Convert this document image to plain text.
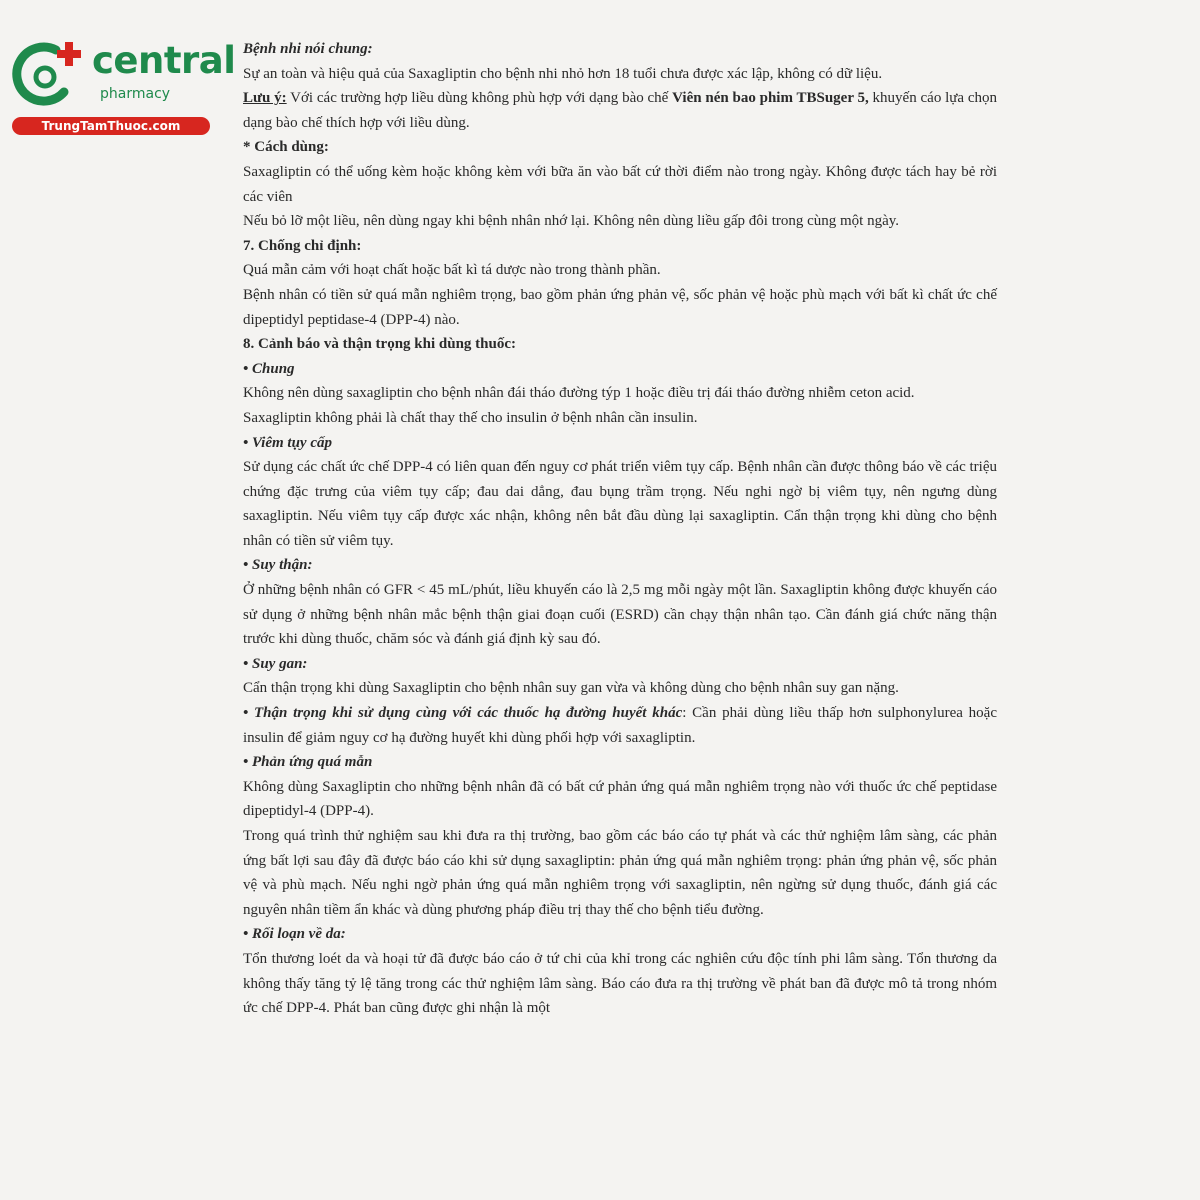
central
pharmacy
TrungTamThuoc.com

Bệnh nhi nói chung:

Sự an toàn và hiệu quả của Saxagliptin cho bệnh nhi nhỏ hơn 18 tuổi chưa được xác lập, không có dữ liệu.

Lưu ý: Với các trường hợp liều dùng không phù hợp với dạng bào chế Viên nén bao phim TBSuger 5, khuyến cáo lựa chọn dạng bào chế thích hợp với liều dùng.

* Cách dùng:

Saxagliptin có thể uống kèm hoặc không kèm với bữa ăn vào bất cứ thời điểm nào trong ngày. Không được tách hay bẻ rời các viên

Nếu bỏ lỡ một liều, nên dùng ngay khi bệnh nhân nhớ lại. Không nên dùng liều gấp đôi trong cùng một ngày.

7. Chống chỉ định:

Quá mẫn cảm với hoạt chất hoặc bất kì tá dược nào trong thành phần.

Bệnh nhân có tiền sử quá mẫn nghiêm trọng, bao gồm phản ứng phản vệ, sốc phản vệ hoặc phù mạch với bất kì chất ức chế dipeptidyl peptidase-4 (DPP-4) nào.

8. Cảnh báo và thận trọng khi dùng thuốc:

• Chung

Không nên dùng saxagliptin cho bệnh nhân đái tháo đường týp 1 hoặc điều trị đái tháo đường nhiễm ceton acid.

Saxagliptin không phải là chất thay thế cho insulin ở bệnh nhân cần insulin.

• Viêm tụy cấp

Sử dụng các chất ức chế DPP-4 có liên quan đến nguy cơ phát triển viêm tụy cấp. Bệnh nhân cần được thông báo về các triệu chứng đặc trưng của viêm tụy cấp; đau dai dẳng, đau bụng trầm trọng. Nếu nghi ngờ bị viêm tụy, nên ngưng dùng saxagliptin. Nếu viêm tụy cấp được xác nhận, không nên bắt đầu dùng lại saxagliptin. Cẩn thận trọng khi dùng cho bệnh nhân có tiền sử viêm tụy.

• Suy thận:

Ở những bệnh nhân có GFR < 45 mL/phút, liều khuyến cáo là 2,5 mg mỗi ngày một lần. Saxagliptin không được khuyến cáo sử dụng ở những bệnh nhân mắc bệnh thận giai đoạn cuối (ESRD) cần chạy thận nhân tạo. Cần đánh giá chức năng thận trước khi dùng thuốc, chăm sóc và đánh giá định kỳ sau đó.

• Suy gan:

Cẩn thận trọng khi dùng Saxagliptin cho bệnh nhân suy gan vừa và không dùng cho bệnh nhân suy gan nặng.

• Thận trọng khi sử dụng cùng với các thuốc hạ đường huyết khác: Cần phải dùng liều thấp hơn sulphonylurea hoặc insulin để giảm nguy cơ hạ đường huyết khi dùng phối hợp với saxagliptin.

• Phản ứng quá mẫn

Không dùng Saxagliptin cho những bệnh nhân đã có bất cứ phản ứng quá mẫn nghiêm trọng nào với thuốc ức chế peptidase dipeptidyl-4 (DPP-4).

Trong quá trình thử nghiệm sau khi đưa ra thị trường, bao gồm các báo cáo tự phát và các thử nghiệm lâm sàng, các phản ứng bất lợi sau đây đã được báo cáo khi sử dụng saxagliptin: phản ứng quá mẫn nghiêm trọng: phản ứng phản vệ, sốc phản vệ và phù mạch. Nếu nghi ngờ phản ứng quá mẫn nghiêm trọng với saxagliptin, nên ngừng sử dụng thuốc, đánh giá các nguyên nhân tiềm ẩn khác và dùng phương pháp điều trị thay thế cho bệnh tiểu đường.

• Rối loạn về da:

Tổn thương loét da và hoại tử đã được báo cáo ở tứ chi của khỉ trong các nghiên cứu độc tính phi lâm sàng. Tổn thương da không thấy tăng tỷ lệ tăng trong các thử nghiệm lâm sàng. Báo cáo đưa ra thị trường về phát ban đã được mô tả trong nhóm ức chế DPP-4. Phát ban cũng được ghi nhận là một
